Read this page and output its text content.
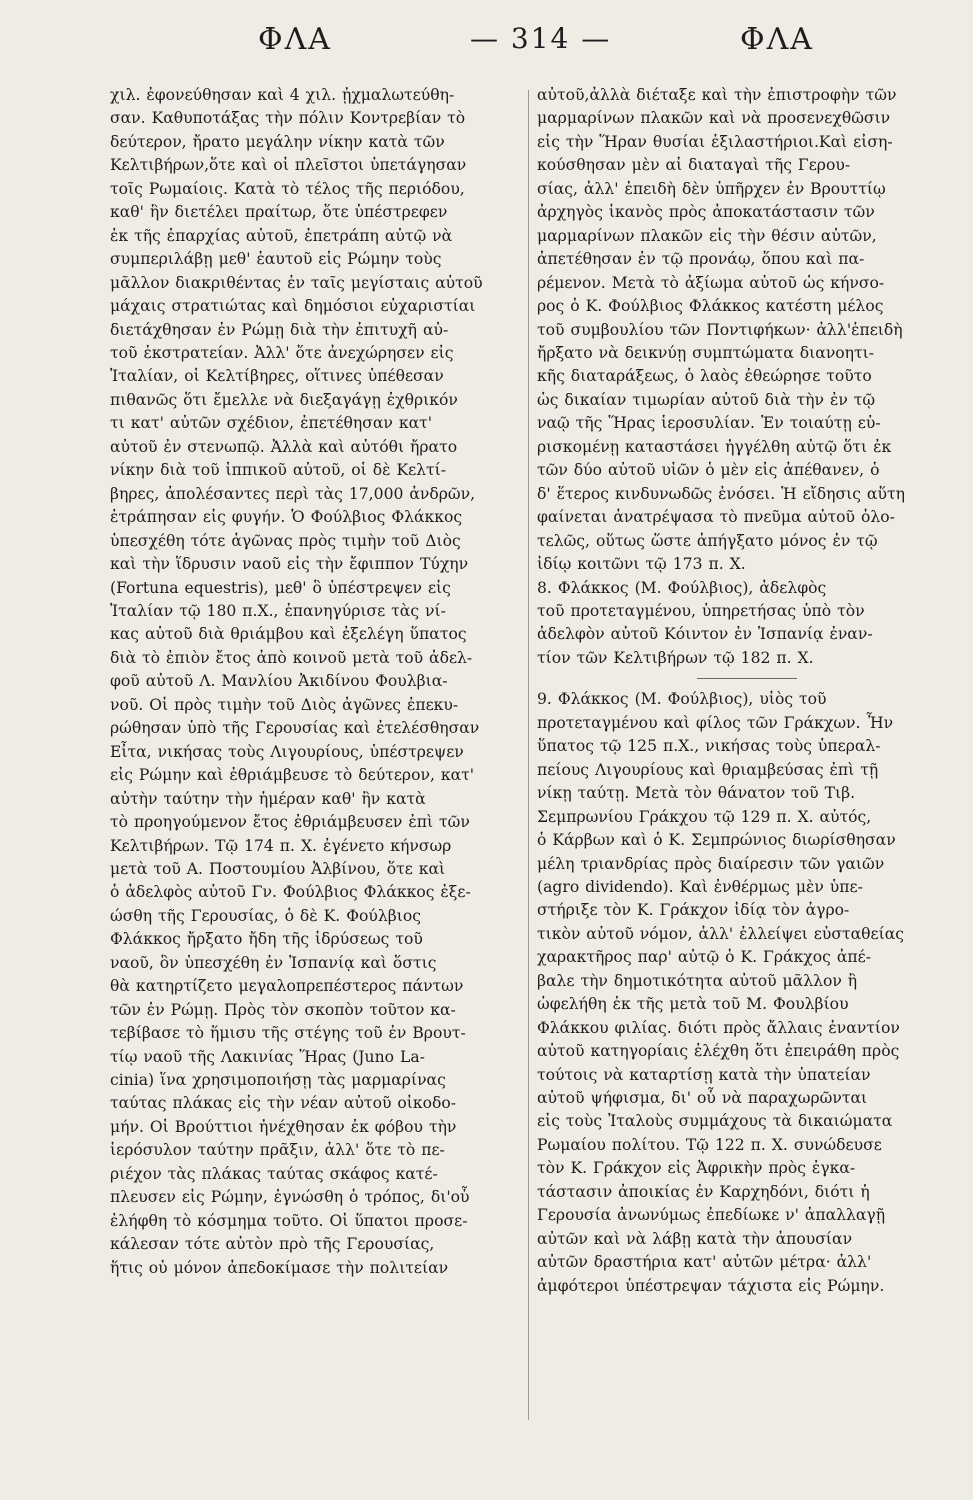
ΦΛΑ	— 314 —	ΦΛΑ
χιλ. ἐφονεύθησαν καὶ 4 χιλ. ᾐχμαλωτεύθη-
σαν. Καθυποτάξας τὴν πόλιν Κοντρεβίαν τὸ
δεύτερον, ἤρατο μεγάλην νίκην κατὰ τῶν
Κελτιβήρων,ὅτε καὶ οἱ πλεῖστοι ὑπετάγησαν
τοῖς Ρωμαίοις. Κατὰ τὸ τέλος τῆς περιόδου,
καθ' ἣν διετέλει πραίτωρ, ὅτε ὑπέστρεφεν
ἐκ τῆς ἐπαρχίας αὐτοῦ, ἐπετράπη αὐτῷ νὰ
συμπεριλάβῃ μεθ' ἑαυτοῦ εἰς Ρώμην τοὺς
μᾶλλον διακριθέντας ἐν ταῖς μεγίσταις αὐτοῦ
μάχαις στρατιώτας καὶ δημόσιοι εὐχαριστίαι
διετάχθησαν ἐν Ρώμῃ διὰ τὴν ἐπιτυχῆ αὐ-
τοῦ ἐκστρατείαν. Ἀλλ' ὅτε ἀνεχώρησεν εἰς
Ἰταλίαν, οἱ Κελτίβηρες, οἵτινες ὑπέθεσαν
πιθανῶς ὅτι ἔμελλε νὰ διεξαγάγῃ ἐχθρικόν
τι κατ' αὐτῶν σχέδιον, ἐπετέθησαν κατ'
αὐτοῦ ἐν στενωπῷ. Ἀλλὰ καὶ αὐτόθι ἤρατο
νίκην διὰ τοῦ ἱππικοῦ αὐτοῦ, οἱ δὲ Κελτί-
βηρες, ἀπολέσαντες περὶ τὰς 17,000 ἀνδρῶν,
ἐτράπησαν εἰς φυγήν. Ὁ Φούλβιος Φλάκκος
ὑπεσχέθη τότε ἀγῶνας πρὸς τιμὴν τοῦ Διὸς
καὶ τὴν ἵδρυσιν ναοῦ εἰς τὴν ἔφιππον Τύχην
(Fortuna equestris), μεθ' ὃ ὑπέστρεψεν εἰς
Ἰταλίαν τῷ 180 π.Χ., ἐπανηγύρισε τὰς νί-
κας αὐτοῦ διὰ θριάμβου καὶ ἐξελέγη ὕπατος
διὰ τὸ ἐπιὸν ἔτος ἀπὸ κοινοῦ μετὰ τοῦ ἀδελ-
φοῦ αὐτοῦ Λ. Μανλίου Ἀκιδίνου Φουλβια-
νοῦ. Οἱ πρὸς τιμὴν τοῦ Διὸς ἀγῶνες ἐπεκυ-
ρώθησαν ὑπὸ τῆς Γερουσίας καὶ ἐτελέσθησαν
Εἶτα, νικήσας τοὺς Λιγουρίους, ὑπέστρεψεν
εἰς Ρώμην καὶ ἐθριάμβευσε τὸ δεύτερον, κατ'
αὐτὴν ταύτην τὴν ἡμέραν καθ' ἣν κατὰ
τὸ προηγούμενον ἔτος ἐθριάμβευσεν ἐπὶ τῶν
Κελτιβήρων. Τῷ 174 π. Χ. ἐγένετο κήνσωρ
μετὰ τοῦ Α. Ποστουμίου Ἀλβίνου, ὅτε καὶ
ὁ ἀδελφὸς αὐτοῦ Γν. Φούλβιος Φλάκκος ἐξε-
ώσθη τῆς Γερουσίας, ὁ δὲ Κ. Φούλβιος
Φλάκκος ἤρξατο ἤδη τῆς ἱδρύσεως τοῦ
ναοῦ, ὃν ὑπεσχέθη ἐν Ἱσπανίᾳ καὶ ὅστις
θὰ κατηρτίζετο μεγαλοπρεπέστερος πάντων
τῶν ἐν Ρώμῃ. Πρὸς τὸν σκοπὸν τοῦτον κα-
τεβίβασε τὸ ἥμισυ τῆς στέγης τοῦ ἐν Βρουτ-
τίῳ ναοῦ τῆς Λακινίας Ἥρας (Juno La-
cinia) ἵνα χρησιμοποιήσῃ τὰς μαρμαρίνας
ταύτας πλάκας εἰς τὴν νέαν αὐτοῦ οἰκοδο-
μήν. Οἱ Βρούττιοι ἠνέχθησαν ἐκ φόβου τὴν
ἱερόσυλον ταύτην πρᾶξιν, ἀλλ' ὅτε τὸ πε-
ριέχον τὰς πλάκας ταύτας σκάφος κατέ-
πλευσεν εἰς Ρώμην, ἐγνώσθη ὁ τρόπος, δι'οὗ
ἐλήφθη τὸ κόσμημα τοῦτο. Οἱ ὕπατοι προσε-
κάλεσαν τότε αὐτὸν πρὸ τῆς Γερουσίας,
ἥτις οὐ μόνον ἀπεδοκίμασε τὴν πολιτείαν
αὐτοῦ,ἀλλὰ διέταξε καὶ τὴν ἐπιστροφὴν τῶν
μαρμαρίνων πλακῶν καὶ νὰ προσενεχθῶσιν
εἰς τὴν Ἥραν θυσίαι ἐξιλαστήριοι.Καὶ εἰση-
κούσθησαν μὲν αἱ διαταγαὶ τῆς Γερου-
σίας, ἀλλ' ἐπειδὴ δὲν ὑπῆρχεν ἐν Βρουττίῳ
ἀρχηγὸς ἱκανὸς πρὸς ἀποκατάστασιν τῶν
μαρμαρίνων πλακῶν εἰς τὴν θέσιν αὐτῶν,
ἀπετέθησαν ἐν τῷ προνάῳ, ὅπου καὶ πα-
ρέμενον. Μετὰ τὸ ἀξίωμα αὐτοῦ ὡς κήνσο-
ρος ὁ Κ. Φούλβιος Φλάκκος κατέστη μέλος
τοῦ συμβουλίου τῶν Ποντιφήκων· ἀλλ'ἐπειδὴ
ἤρξατο νὰ δεικνύῃ συμπτώματα διανοητι-
κῆς διαταράξεως, ὁ λαὸς ἐθεώρησε τοῦτο
ὡς δικαίαν τιμωρίαν αὐτοῦ διὰ τὴν ἐν τῷ
ναῷ τῆς Ἥρας ἱεροσυλίαν. Ἐν τοιαύτῃ εὑ-
ρισκομένῃ καταστάσει ἠγγέλθη αὐτῷ ὅτι ἐκ
τῶν δύο αὐτοῦ υἱῶν ὁ μὲν εἰς ἀπέθανεν, ὁ
δ' ἕτερος κινδυνωδῶς ἐνόσει. Ἡ εἴδησις αὕτη
φαίνεται ἀνατρέψασα τὸ πνεῦμα αὐτοῦ ὁλο-
τελῶς, οὕτως ὥστε ἀπήγξατο μόνος ἐν τῷ
ἰδίῳ κοιτῶνι τῷ 173 π. Χ.
8. Φλάκκος (Μ. Φούλβιος), ἀδελφὸς
τοῦ προτεταγμένου, ὑπηρετήσας ὑπὸ τὸν
ἀδελφὸν αὐτοῦ Κόιντον ἐν Ἱσπανίᾳ ἐναν-
τίον τῶν Κελτιβήρων τῷ 182 π. Χ.
9. Φλάκκος (Μ. Φούλβιος), υἱὸς τοῦ
προτεταγμένου καὶ φίλος τῶν Γράκχων. Ἦν
ὕπατος τῷ 125 π.Χ., νικήσας τοὺς ὑπεραλ-
πείους Λιγουρίους καὶ θριαμβεύσας ἐπὶ τῇ
νίκῃ ταύτῃ. Μετὰ τὸν θάνατον τοῦ Τιβ.
Σεμπρωνίου Γράκχου τῷ 129 π. Χ. αὐτός,
ὁ Κάρβων καὶ ὁ Κ. Σεμπρώνιος διωρίσθησαν
μέλη τριανδρίας πρὸς διαίρεσιν τῶν γαιῶν
(agro dividendo). Καὶ ἐνθέρμως μὲν ὑπε-
στήριξε τὸν Κ. Γράκχον ἰδίᾳ τὸν ἀγρο-
τικὸν αὐτοῦ νόμον, ἀλλ' ἐλλείψει εὐσταθείας
χαρακτῆρος παρ' αὐτῷ ὁ Κ. Γράκχος ἀπέ-
βαλε τὴν δημοτικότητα αὐτοῦ μᾶλλον ἢ
ὠφελήθη ἐκ τῆς μετὰ τοῦ Μ. Φουλβίου
Φλάκκου φιλίας. διότι πρὸς ἄλλαις ἐναντίον
αὐτοῦ κατηγορίαις ἐλέχθη ὅτι ἐπειράθη πρὸς
τούτοις νὰ καταρτίσῃ κατὰ τὴν ὑπατείαν
αὐτοῦ ψήφισμα, δι' οὗ νὰ παραχωρῶνται
εἰς τοὺς Ἰταλοὺς συμμάχους τὰ δικαιώματα
Ρωμαίου πολίτου. Τῷ 122 π. Χ. συνώδευσε
τὸν Κ. Γράκχον εἰς Ἀφρικὴν πρὸς ἐγκα-
τάστασιν ἀποικίας ἐν Καρχηδόνι, διότι ἡ
Γερουσία ἀνωνύμως ἐπεδίωκε ν' ἀπαλλαγῇ
αὐτῶν καὶ νὰ λάβῃ κατὰ τὴν ἀπουσίαν
αὐτῶν δραστήρια κατ' αὐτῶν μέτρα· ἀλλ'
ἀμφότεροι ὑπέστρεψαν τάχιστα εἰς Ρώμην.
